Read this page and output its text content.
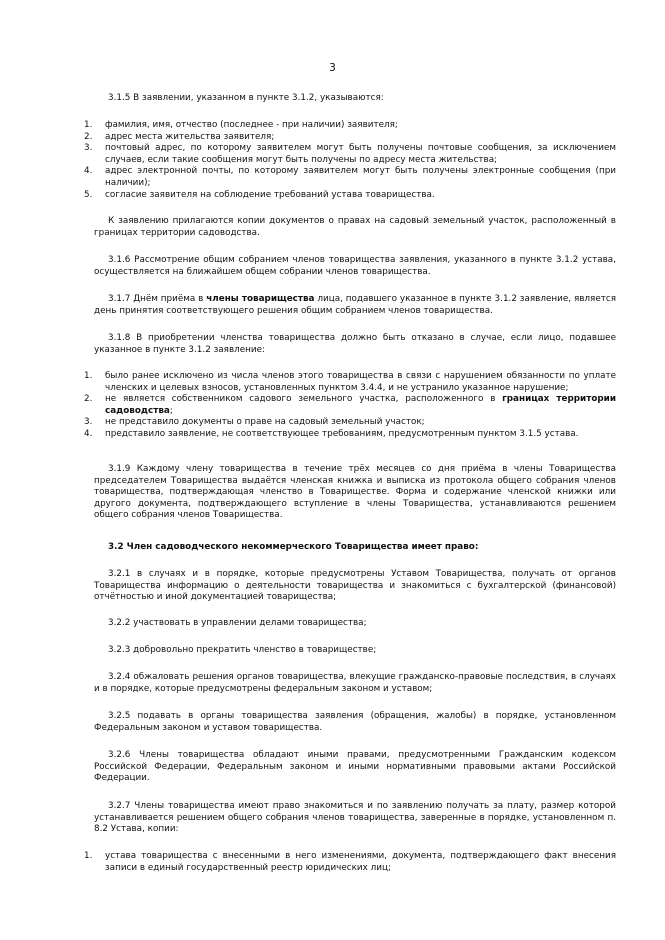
3
3.1.5 В заявлении, указанном в пункте 3.1.2, указываются:
1. фамилия, имя, отчество (последнее - при наличии) заявителя;
2. адрес места жительства заявителя;
3. почтовый адрес, по которому заявителем могут быть получены почтовые сообщения, за исключением случаев, если такие сообщения могут быть получены по адресу места жительства;
4. адрес электронной почты, по которому заявителем могут быть получены электронные сообщения (при наличии);
5. согласие заявителя на соблюдение требований устава товарищества.
К заявлению прилагаются копии документов о правах на садовый земельный участок, расположенный в границах территории садоводства.
3.1.6 Рассмотрение общим собранием членов товарищества заявления, указанного в пункте 3.1.2 устава, осуществляется на ближайшем общем собрании членов товарищества.
3.1.7 Днём приёма в члены товарищества лица, подавшего указанное в пункте 3.1.2 заявление, является день принятия соответствующего решения общим собранием членов товарищества.
3.1.8 В приобретении членства товарищества должно быть отказано в случае, если лицо, подавшее указанное в пункте 3.1.2 заявление:
1. было ранее исключено из числа членов этого товарищества в связи с нарушением обязанности по уплате членских и целевых взносов, установленных пунктом 3.4.4, и не устранило указанное нарушение;
2. не является собственником садового земельного участка, расположенного в границах территории садоводства;
3. не представило документы о праве на садовый земельный участок;
4. представило заявление, не соответствующее требованиям, предусмотренным пунктом 3.1.5 устава.
3.1.9 Каждому члену товарищества в течение трёх месяцев со дня приёма в члены Товарищества председателем Товарищества выдаётся членская книжка и выписка из протокола общего собрания членов товарищества, подтверждающая членство в Товариществе. Форма и содержание членской книжки или другого документа, подтверждающего вступление в члены Товарищества, устанавливаются решением общего собрания членов Товарищества.
3.2 Член садоводческого некоммерческого Товарищества имеет право:
3.2.1 в случаях и в порядке, которые предусмотрены Уставом Товарищества, получать от органов Товарищества информацию о деятельности товарищества и знакомиться с бухгалтерской (финансовой) отчётностью и иной документацией товарищества;
3.2.2 участвовать в управлении делами товарищества;
3.2.3 добровольно прекратить членство в товариществе;
3.2.4 обжаловать решения органов товарищества, влекущие гражданско-правовые последствия, в случаях и в порядке, которые предусмотрены федеральным законом и уставом;
3.2.5 подавать в органы товарищества заявления (обращения, жалобы) в порядке, установленном Федеральным законом и уставом товарищества.
3.2.6 Члены товарищества обладают иными правами, предусмотренными Гражданским кодексом Российской Федерации, Федеральным законом и иными нормативными правовыми актами Российской Федерации.
3.2.7 Члены товарищества имеют право знакомиться и по заявлению получать за плату, размер которой устанавливается решением общего собрания членов товарищества, заверенные в порядке, установленном п. 8.2 Устава, копии:
1. устава товарищества с внесенными в него изменениями, документа, подтверждающего факт внесения записи в единый государственный реестр юридических лиц;
